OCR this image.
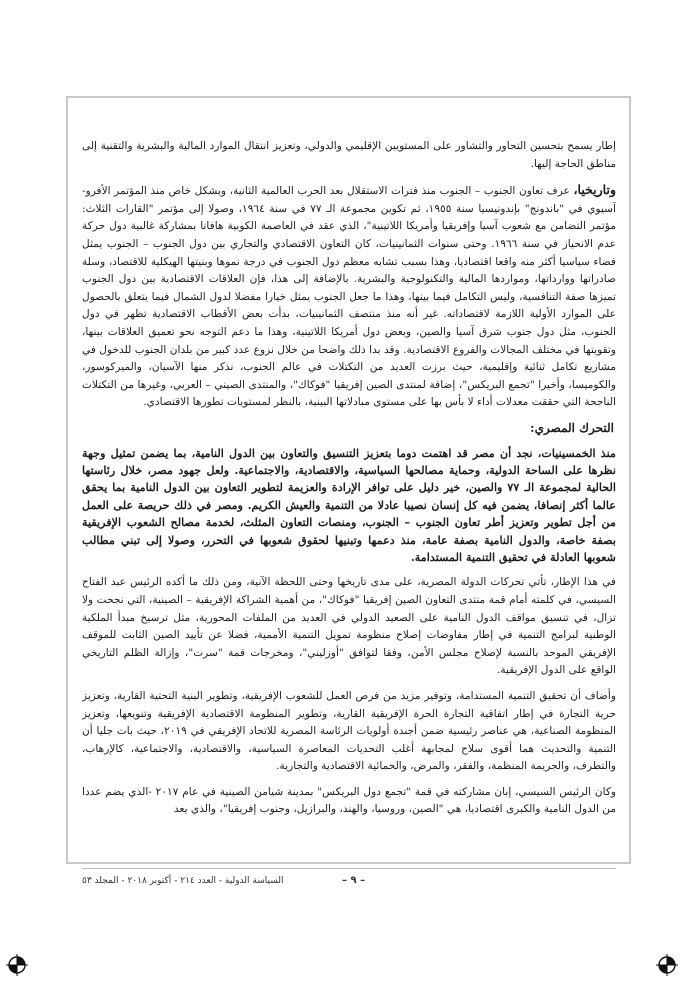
إطار يسمح بتحسين التحاور والتشاور على المستويين الإقليمي والدولي، وتعزيز انتقال الموارد المالية والبشرية والتقنية إلى مناطق الحاجة إليها.

وتاريخيا، عرف تعاون الجنوب – الجنوب منذ فترات الاستقلال بعد الحرب العالمية الثانية، وبشكل خاص منذ المؤتمر الأفرو-آسيوي في "باندونج" بإندونيسيا سنة ١٩٥٥، ثم تكوين مجموعة الـ ٧٧ في سنة ١٩٦٤، وصولا إلى مؤتمر "القارات الثلاث: مؤتمر التضامن مع شعوب آسيا وإفريقيا وأمريكا اللاتينية"، الذي عقد في العاصمة الكوبية هافانا بمشاركة غالبية دول حركة عدم الانحياز في سنة ١٩٦٦. وحتى سنوات الثمانينيات، كان التعاون الاقتصادي والتجاري بين دول الجنوب – الجنوب يمثل فضاء سياسيا أكثر منه واقعا اقتصاديا، وهذا بسبب تشابه معظم دول الجنوب في درجة نموها وبنيتها الهيكلية للاقتصاد، وسلة صادراتها ووارداتها، ومواردها المالية والتكنولوجية والبشرية. بالإضافة إلى هذا، فإن العلاقات الاقتصادية بين دول الجنوب تميزها صفة التنافسية، وليس التكامل فيما بينها، وهذا ما جعل الجنوب يمثل خيارا مفضلا لدول الشمال فيما يتعلق بالحصول على الموارد الأولية اللازمة لاقتصاداته. غير أنه منذ منتصف الثمانينيات، بدأت بعض الأقطاب الاقتصادية تظهر في دول الجنوب، مثل دول جنوب شرق آسيا والصين، وبعض دول أمريكا اللاتينية، وهذا ما دعم التوجه نحو تعميق العلاقات بينها، وتقويتها في مختلف المجالات والفروع الاقتصادية. وقد بدا ذلك واضحا من خلال نزوع عدد كبير من بلدان الجنوب للدخول في مشاريع تكامل ثنائية وإقليمية، حيث برزت العديد من التكتلات في عالم الجنوب، نذكر منها الآسيان، والميركوسور، والكوميسا، وأخيرا "تجمع البريكس"، إضافة لمنتدى الصين إفريقيا "فوكاك"، والمنتدى الصيني – العربي، وغيرها من التكتلات الناجحة التي حققت معدلات أداء لا بأس بها على مستوى مبادلاتها البينية، بالنظر لمستويات تطورها الاقتصادي.

التحرك المصري:

منذ الخمسينيات، نجد أن مصر قد اهتمت دوما بتعزيز التنسيق والتعاون بين الدول النامية، بما يضمن تمثيل وجهة نظرها على الساحة الدولية، وحماية مصالحها السياسية، والاقتصادية، والاجتماعية. ولعل جهود مصر، خلال رئاستها الحالية لمجموعة الـ ٧٧ والصين، خير دليل على توافر الإرادة والعزيمة لتطوير التعاون بين الدول النامية بما يحقق عالما أكثر إنصافا، يضمن فيه كل إنسان نصيبا عادلا من التنمية والعيش الكريم. ومصر في ذلك حريصة على العمل من أجل تطوير وتعزيز أطر تعاون الجنوب – الجنوب، ومنصات التعاون المثلث، لخدمة مصالح الشعوب الإفريقية بصفة خاصة، والدول النامية بصفة عامة، منذ دعمها وتبنيها لحقوق شعوبها في التحرر، وصولا إلى تبني مطالب شعوبها العادلة في تحقيق التنمية المستدامة.

في هذا الإطار، تأتي تحركات الدولة المصرية، على مدى تاريخها وحتى اللحظة الآنية، ومن ذلك ما أكده الرئيس عبد الفتاح السيسي، في كلمته أمام قمة منتدى التعاون الصين إفريقيا "فوكاك"، من أهمية الشراكة الإفريقية – الصينية، التي نجحت ولا تزال، في تنسيق مواقف الدول النامية على الصعيد الدولي في العديد من الملفات المحورية، مثل ترسيخ مبدأ الملكية الوطنية لبرامج التنمية في إطار مفاوضات إصلاح منظومة تمويل التنمية الأممية، فضلا عن تأييد الصين الثابت للموقف الإفريقي الموحد بالنسبة لإصلاح مجلس الأمن، وفقا لتوافق "أوزليني"، ومخرجات قمة "سرت"، وإزالة الظلم التاريخي الواقع على الدول الإفريقية.

وأضاف أن تحقيق التنمية المستدامة، وتوفير مزيد من فرص العمل للشعوب الإفريقية، وتطوير البنية التحتية القارية، وتعزيز حرية التجارة في إطار اتفاقية التجارة الحرة الإفريقية القارية، وتطوير المنظومة الاقتصادية الإفريقية وتنويعها، وتعزيز المنظومة الصناعية، هي عناصر رئيسية ضمن أجندة أولويات الرئاسة المصرية للاتحاد الإفريقي في ٢٠١٩، حيث بات جليا أن التنمية والتحديث هما أقوى سلاح لمجابهة أغلب التحديات المعاصرة السياسية، والاقتصادية، والاجتماعية، كالإرهاب، والتطرف، والجريمة المنظمة، والفقر، والمرض، والحمائية الاقتصادية والتجارية.

وكان الرئيس السيسي، إبان مشاركته في قمة "تجمع دول البريكس" بمدينة شيامن الصينية في عام ٢٠١٧ -الذي يضم عددا من الدول النامية والكبرى اقتصاديا، هي "الصين، وروسيا، والهند، والبرازيل، وجنوب إفريقيا"، والذي يعد

السياسة الدولية - العدد ٢١٤ - أكتوبر ٢٠١٨ - المجلد ٥٣	– ٩ –
